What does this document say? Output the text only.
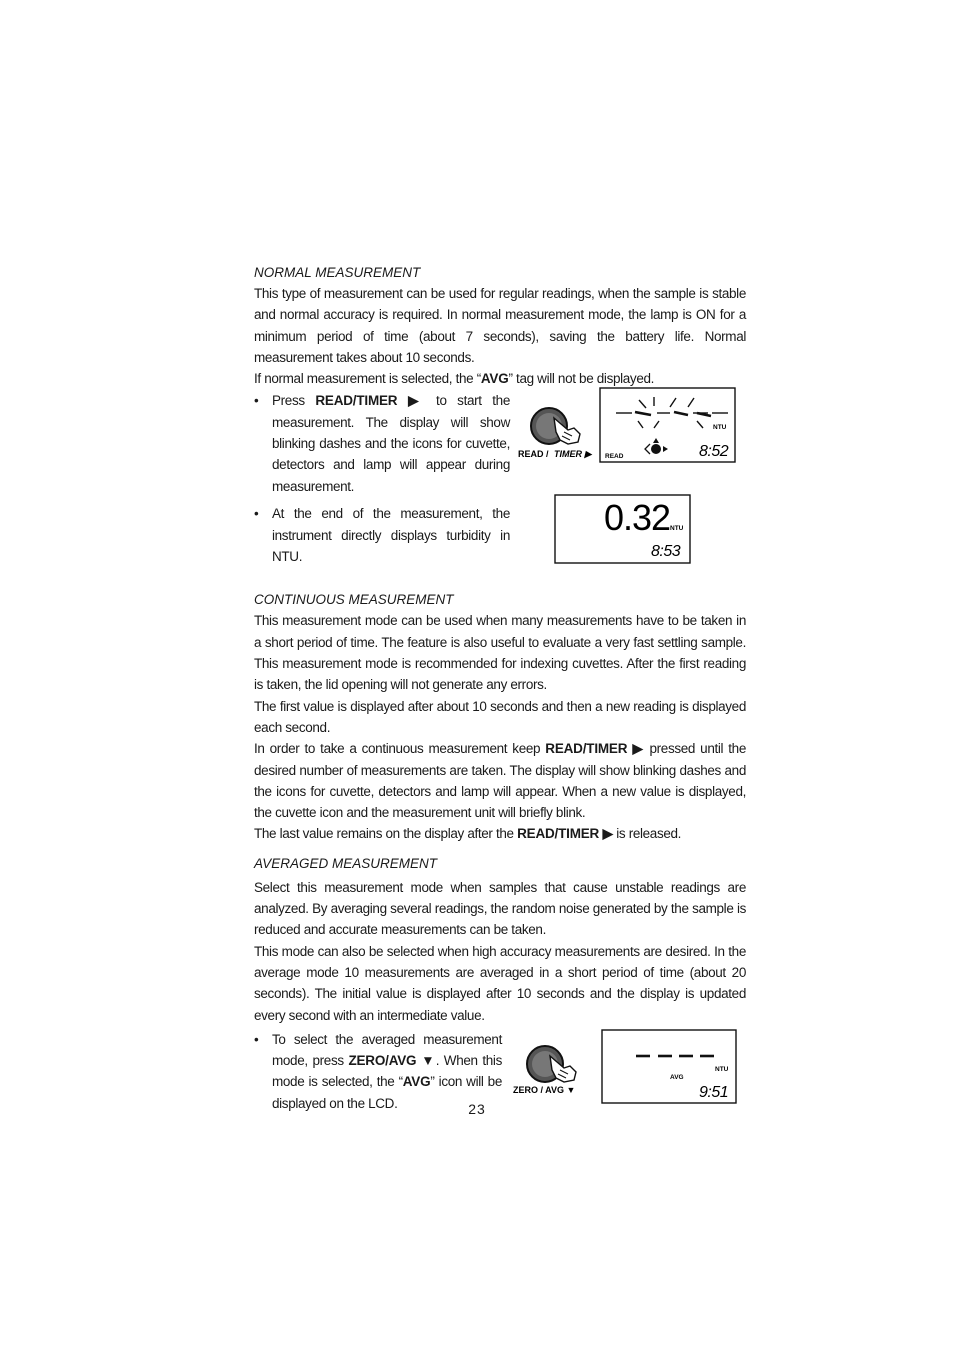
NORMAL MEASUREMENT

This type of measurement can be used for regular readings, when the sample is stable and normal accuracy is required. In normal measurement mode, the lamp is ON for a minimum period of time (about 7 seconds), saving the battery life. Normal measurement takes about 10 seconds.

If normal measurement is selected, the “AVG” tag will not be displayed.

• Press READ/TIMER ▶ to start the measurement. The display will show blinking dashes and the icons for cuvette, detectors and lamp will appear during measurement.
READ / TIMER ▶
NTU
READ	8:52
• At the end of the measurement, the instrument directly displays turbidity in NTU.
0.32 NTU
8:53
CONTINUOUS MEASUREMENT

This measurement mode can be used when many measurements have to be taken in a short period of time. The feature is also useful to evaluate a very fast settling sample. This measurement mode is recommended for indexing cuvettes. After the first reading is taken, the lid opening will not generate any errors.

The first value is displayed after about 10 seconds and then a new reading is displayed each second.

In order to take a continuous measurement keep READ/TIMER ▶ pressed until the desired number of measurements are taken. The display will show blinking dashes and the icons for cuvette, detectors and lamp will appear. When a new value is displayed, the cuvette icon and the measurement unit will briefly blink.

The last value remains on the display after the READ/TIMER ▶ is released.

AVERAGED MEASUREMENT

Select this measurement mode when samples that cause unstable readings are analyzed. By averaging several readings, the random noise generated by the sample is reduced and accurate measurements can be taken.

This mode can also be selected when high accuracy measurements are desired. In the average mode 10 measurements are averaged in a short period of time (about 20 seconds). The initial value is displayed after 10 seconds and the display is updated every second with an intermediate value.

• To select the averaged measurement mode, press ZERO/AVG ▼. When this mode is selected, the “AVG” icon will be displayed on the LCD.
ZERO / AVG ▼
NTU
AVG
9:51
23
